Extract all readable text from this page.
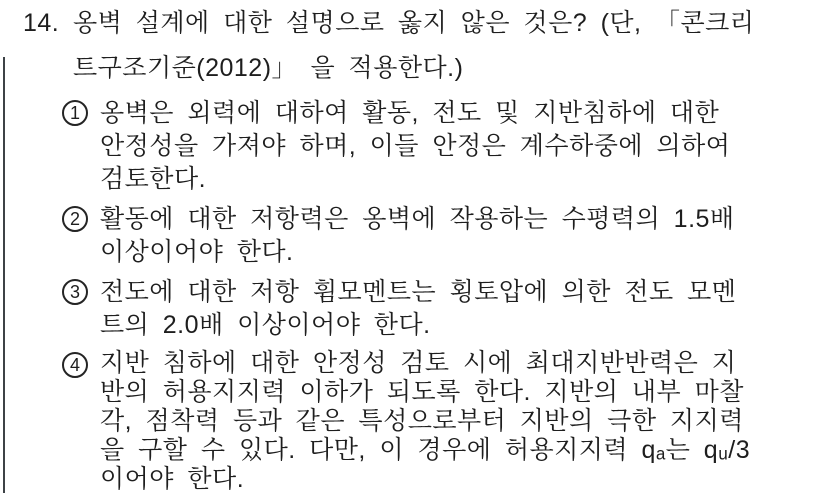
14. 옹벽 설계에 대한 설명으로 옳지 않은 것은? (단, 「콘크리
트구조기준(2012)」 을 적용한다.)
1 옹벽은 외력에 대하여 활동, 전도 및 지반침하에 대한
안정성을 가져야 하며, 이들 안정은 계수하중에 의하여
검토한다.
2 활동에 대한 저항력은 옹벽에 작용하는 수평력의 1.5배
이상이어야 한다.
3 전도에 대한 저항 휨모멘트는 횡토압에 의한 전도 모멘
트의 2.0배 이상이어야 한다.
4 지반 침하에 대한 안정성 검토 시에 최대지반반력은 지
반의 허용지지력 이하가 되도록 한다. 지반의 내부 마찰
각, 점착력 등과 같은 특성으로부터 지반의 극한 지지력
을 구할 수 있다. 다만, 이 경우에 허용지지력 qₐ는 qᵤ/3
이어야 한다.
